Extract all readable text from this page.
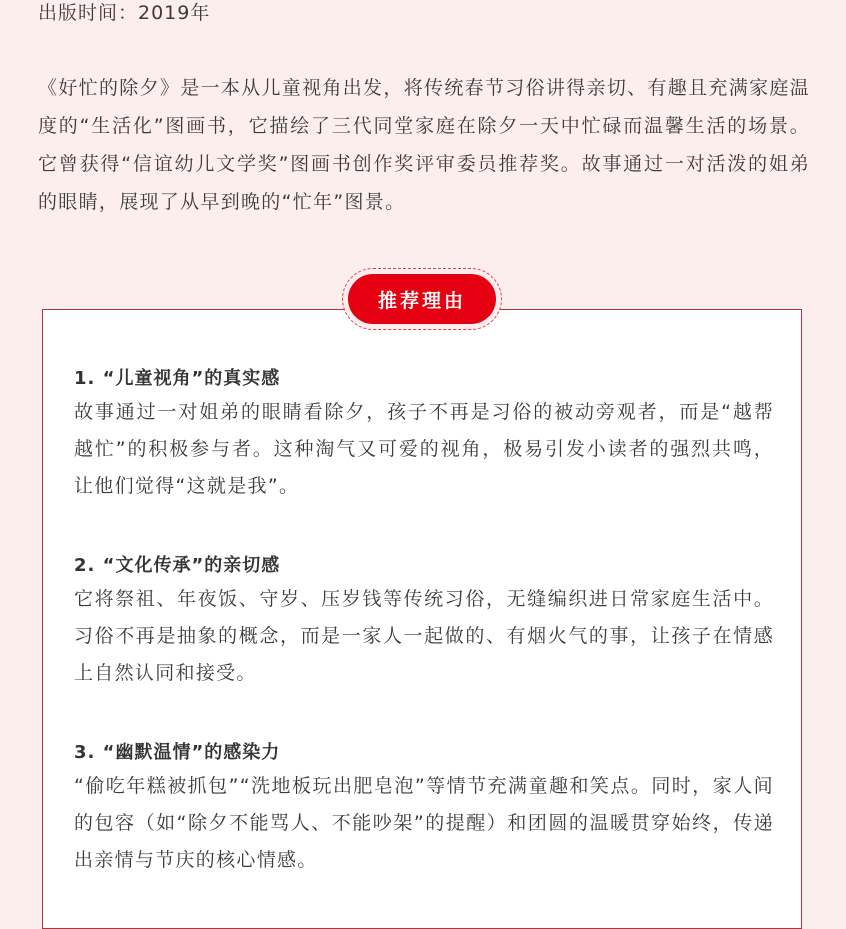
出版时间：2019年

《好忙的除夕》是一本从儿童视角出发，将传统春节习俗讲得亲切、有趣且充满家庭温度的“生活化”图画书，它描绘了三代同堂家庭在除夕一天中忙碌而温馨生活的场景。它曾获得“信谊幼儿文学奖”图画书创作奖评审委员推荐奖。故事通过一对活泼的姐弟的眼睛，展现了从早到晚的“忙年”图景。

推荐理由
1. “儿童视角”的真实感

故事通过一对姐弟的眼睛看除夕，孩子不再是习俗的被动旁观者，而是“越帮越忙”的积极参与者。这种淘气又可爱的视角，极易引发小读者的强烈共鸣，让他们觉得“这就是我”。

2. “文化传承”的亲切感

它将祭祖、年夜饭、守岁、压岁钱等传统习俗，无缝编织进日常家庭生活中。习俗不再是抽象的概念，而是一家人一起做的、有烟火气的事，让孩子在情感上自然认同和接受。

3. “幽默温情”的感染力

“偷吃年糕被抓包”“洗地板玩出肥皂泡”等情节充满童趣和笑点。同时，家人间的包容（如“除夕不能骂人、不能吵架”的提醒）和团圆的温暖贯穿始终，传递出亲情与节庆的核心情感。
